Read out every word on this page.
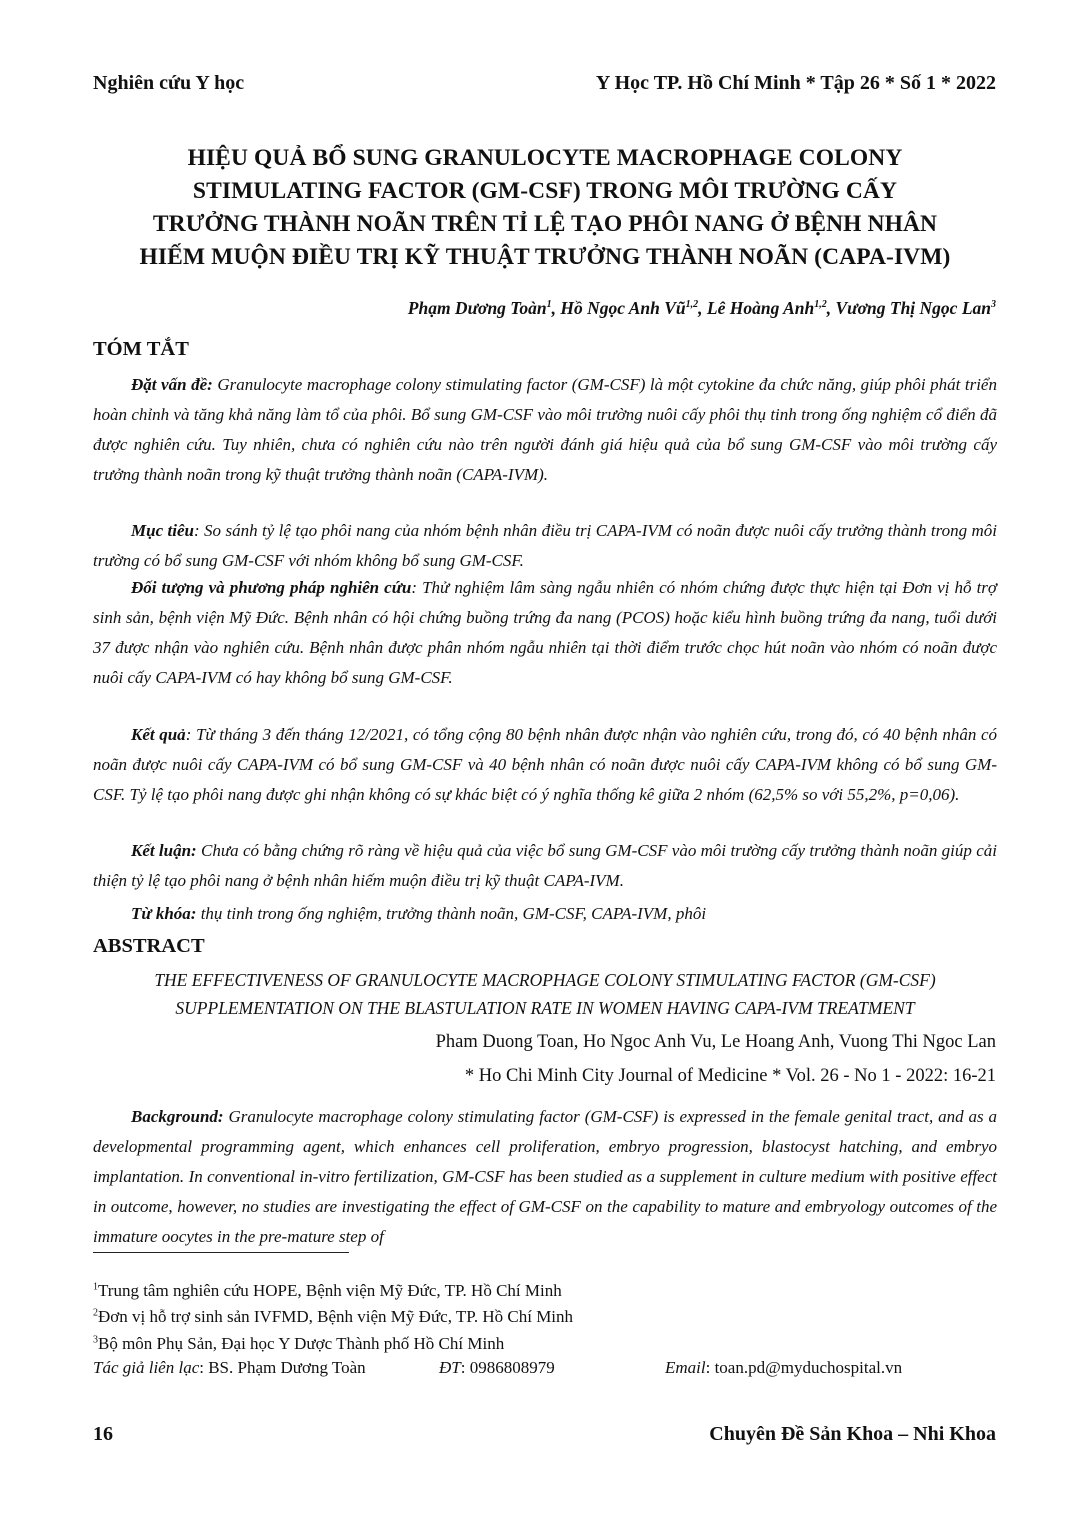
Nghiên cứu Y học	Y Học TP. Hồ Chí Minh * Tập 26 * Số 1 * 2022
HIỆU QUẢ BỔ SUNG GRANULOCYTE MACROPHAGE COLONY
STIMULATING FACTOR (GM-CSF) TRONG MÔI TRƯỜNG CẤY
TRƯỞNG THÀNH NOÃN TRÊN TỈ LỆ TẠO PHÔI NANG Ở BỆNH NHÂN
HIẾM MUỘN ĐIỀU TRỊ KỸ THUẬT TRƯỞNG THÀNH NOÃN (CAPA-IVM)
Phạm Dương Toàn$^1$, Hồ Ngọc Anh Vũ$^{1,2}$, Lê Hoàng Anh$^{1,2}$, Vương Thị Ngọc Lan$^3$
TÓM TẮT
Đặt vấn đề: Granulocyte macrophage colony stimulating factor (GM-CSF) là một cytokine đa chức năng, giúp phôi phát triển hoàn chỉnh và tăng khả năng làm tổ của phôi. Bổ sung GM-CSF vào môi trường nuôi cấy phôi thụ tinh trong ống nghiệm cổ điển đã được nghiên cứu. Tuy nhiên, chưa có nghiên cứu nào trên người đánh giá hiệu quả của bổ sung GM-CSF vào môi trường cấy trưởng thành noãn trong kỹ thuật trưởng thành noãn (CAPA-IVM).
Mục tiêu: So sánh tỷ lệ tạo phôi nang của nhóm bệnh nhân điều trị CAPA-IVM có noãn được nuôi cấy trưởng thành trong môi trường có bổ sung GM-CSF với nhóm không bổ sung GM-CSF.
Đối tượng và phương pháp nghiên cứu: Thử nghiệm lâm sàng ngẫu nhiên có nhóm chứng được thực hiện tại Đơn vị hỗ trợ sinh sản, bệnh viện Mỹ Đức. Bệnh nhân có hội chứng buồng trứng đa nang (PCOS) hoặc kiểu hình buồng trứng đa nang, tuổi dưới 37 được nhận vào nghiên cứu. Bệnh nhân được phân nhóm ngẫu nhiên tại thời điểm trước chọc hút noãn vào nhóm có noãn được nuôi cấy CAPA-IVM có hay không bổ sung GM-CSF.
Kết quả: Từ tháng 3 đến tháng 12/2021, có tổng cộng 80 bệnh nhân được nhận vào nghiên cứu, trong đó, có 40 bệnh nhân có noãn được nuôi cấy CAPA-IVM có bổ sung GM-CSF và 40 bệnh nhân có noãn được nuôi cấy CAPA-IVM không có bổ sung GM-CSF. Tỷ lệ tạo phôi nang được ghi nhận không có sự khác biệt có ý nghĩa thống kê giữa 2 nhóm (62,5% so với 55,2%, p=0,06).
Kết luận: Chưa có bằng chứng rõ ràng về hiệu quả của việc bổ sung GM-CSF vào môi trường cấy trưởng thành noãn giúp cải thiện tỷ lệ tạo phôi nang ở bệnh nhân hiếm muộn điều trị kỹ thuật CAPA-IVM.
Từ khóa: thụ tinh trong ống nghiệm, trưởng thành noãn, GM-CSF, CAPA-IVM, phôi
ABSTRACT
THE EFFECTIVENESS OF GRANULOCYTE MACROPHAGE COLONY STIMULATING FACTOR (GM-CSF)
SUPPLEMENTATION ON THE BLASTULATION RATE IN WOMEN HAVING CAPA-IVM TREATMENT
Pham Duong Toan, Ho Ngoc Anh Vu, Le Hoang Anh, Vuong Thi Ngoc Lan
* Ho Chi Minh City Journal of Medicine * Vol. 26 - No 1 - 2022: 16-21
Background: Granulocyte macrophage colony stimulating factor (GM-CSF) is expressed in the female genital tract, and as a developmental programming agent, which enhances cell proliferation, embryo progression, blastocyst hatching, and embryo implantation. In conventional in-vitro fertilization, GM-CSF has been studied as a supplement in culture medium with positive effect in outcome, however, no studies are investigating the effect of GM-CSF on the capability to mature and embryology outcomes of the immature oocytes in the pre-mature step of
$^1$Trung tâm nghiên cứu HOPE, Bệnh viện Mỹ Đức, TP. Hồ Chí Minh
$^2$Đơn vị hỗ trợ sinh sản IVFMD, Bệnh viện Mỹ Đức, TP. Hồ Chí Minh
$^3$Bộ môn Phụ Sản, Đại học Y Dược Thành phố Hồ Chí Minh
Tác giả liên lạc: BS. Phạm Dương Toàn	ĐT: 0986808979	Email: toan.pd@myduchospital.vn
16	Chuyên Đề Sản Khoa – Nhi Khoa
